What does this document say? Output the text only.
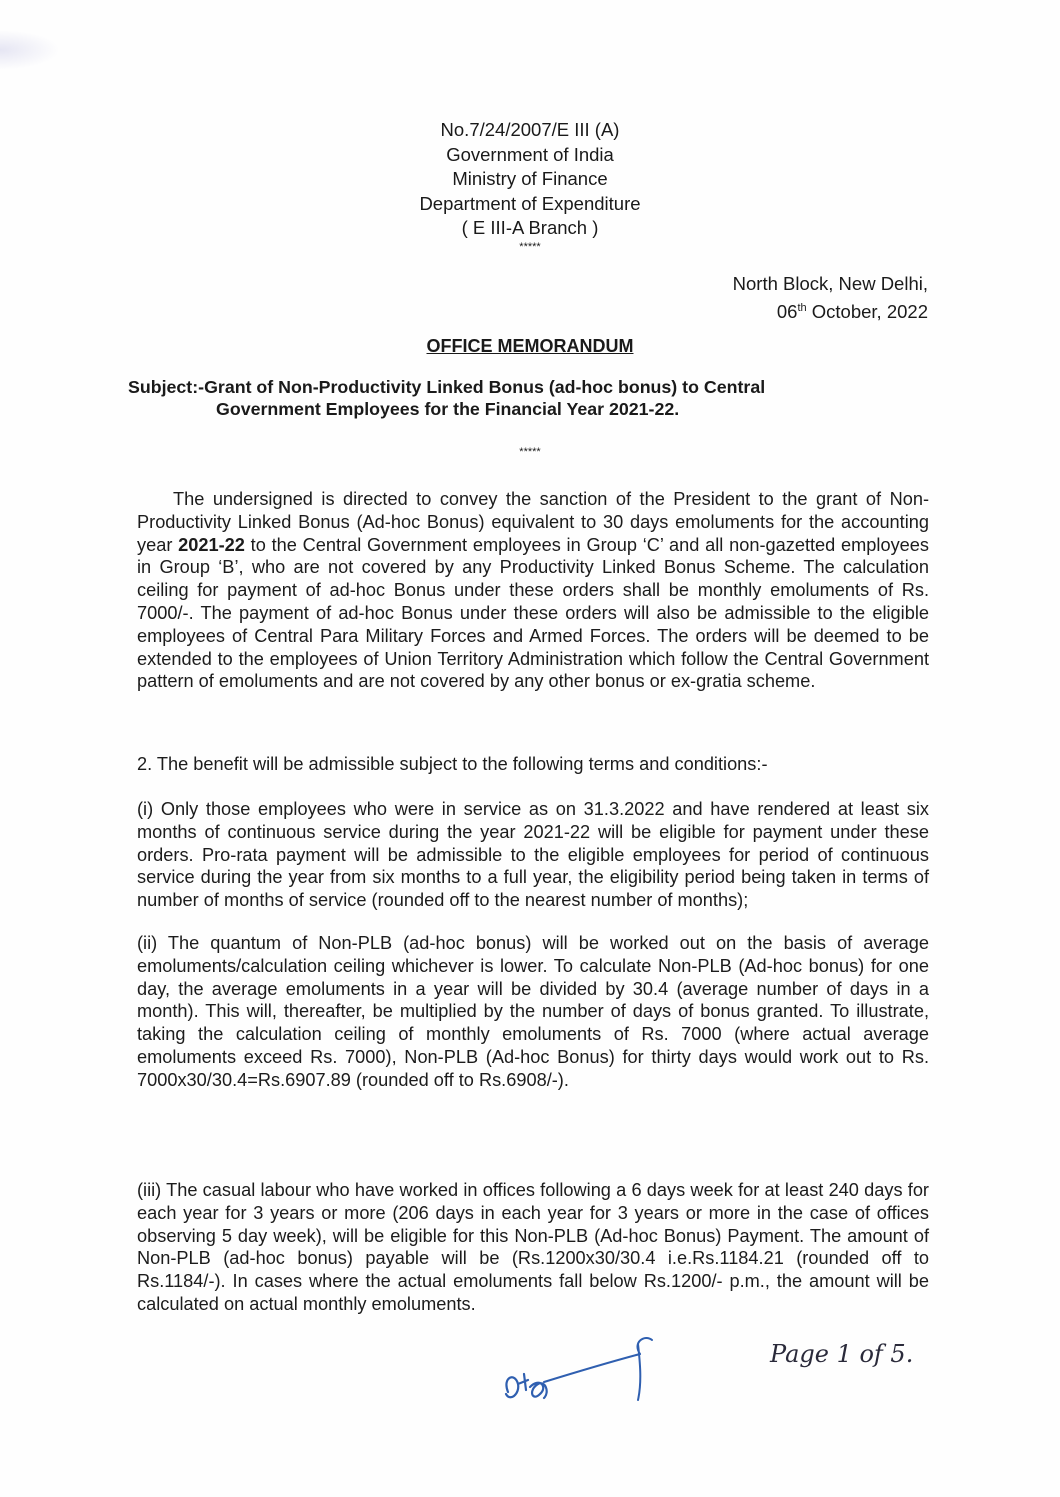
No.7/24/2007/E III (A)
Government of India
Ministry of Finance
Department of Expenditure
( E III-A Branch )
*****
North Block, New Delhi,
06th October, 2022
OFFICE MEMORANDUM
Subject:-Grant of Non-Productivity Linked Bonus (ad-hoc bonus) to Central
Government Employees for the Financial Year 2021-22.
*****
The undersigned is directed to convey the sanction of the President to the grant of Non-Productivity Linked Bonus (Ad-hoc Bonus) equivalent to 30 days emoluments for the accounting year 2021-22 to the Central Government employees in Group ‘C’ and all non-gazetted employees in Group ‘B’, who are not covered by any Productivity Linked Bonus Scheme. The calculation ceiling for payment of ad-hoc Bonus under these orders shall be monthly emoluments of Rs. 7000/-. The payment of ad-hoc Bonus under these orders will also be admissible to the eligible employees of Central Para Military Forces and Armed Forces. The orders will be deemed to be extended to the employees of Union Territory Administration which follow the Central Government pattern of emoluments and are not covered by any other bonus or ex-gratia scheme.
2. The benefit will be admissible subject to the following terms and conditions:-
(i) Only those employees who were in service as on 31.3.2022 and have rendered at least six months of continuous service during the year 2021-22 will be eligible for payment under these orders. Pro-rata payment will be admissible to the eligible employees for period of continuous service during the year from six months to a full year, the eligibility period being taken in terms of number of months of service (rounded off to the nearest number of months);
(ii) The quantum of Non-PLB (ad-hoc bonus) will be worked out on the basis of average emoluments/calculation ceiling whichever is lower. To calculate Non-PLB (Ad-hoc bonus) for one day, the average emoluments in a year will be divided by 30.4 (average number of days in a month). This will, thereafter, be multiplied by the number of days of bonus granted. To illustrate, taking the calculation ceiling of monthly emoluments of Rs. 7000 (where actual average emoluments exceed Rs. 7000), Non-PLB (Ad-hoc Bonus) for thirty days would work out to Rs. 7000x30/30.4=Rs.6907.89 (rounded off to Rs.6908/-).
(iii) The casual labour who have worked in offices following a 6 days week for at least 240 days for each year for 3 years or more (206 days in each year for 3 years or more in the case of offices observing 5 day week), will be eligible for this Non-PLB (Ad-hoc Bonus) Payment. The amount of Non-PLB (ad-hoc bonus) payable will be (Rs.1200x30/30.4 i.e.Rs.1184.21 (rounded off to Rs.1184/-). In cases where the actual emoluments fall below Rs.1200/- p.m., the amount will be calculated on actual monthly emoluments.
Page 1 of 5.
